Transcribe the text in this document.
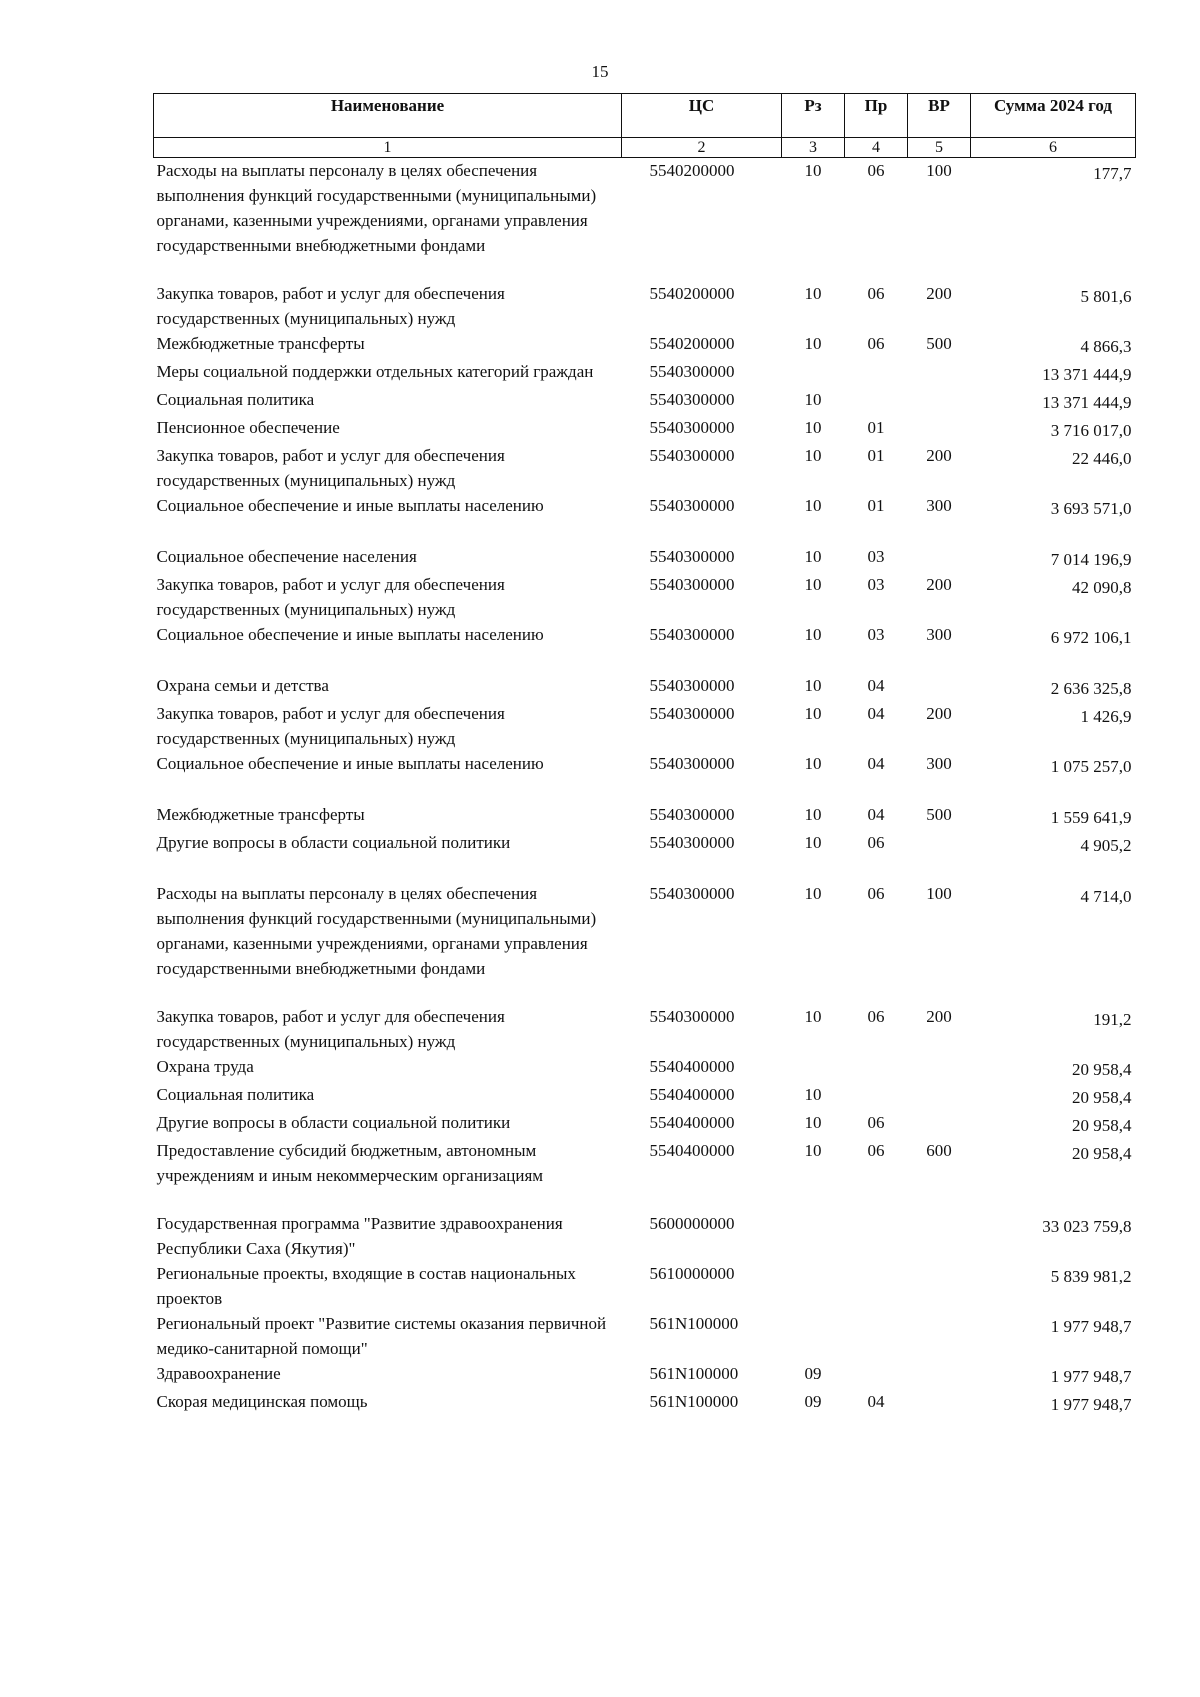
15
Наименование	ЦС	Рз	Пр	ВР	Сумма 2024 год
1	2	3	4	5	6
Расходы на выплаты персоналу в целях обеспечения выполнения функций государственными (муниципальными) органами, казенными учреждениями, органами управления государственными внебюджетными фондами	5540200000	10	06	100	177,7
Закупка товаров, работ и услуг для обеспечения государственных (муниципальных) нужд	5540200000	10	06	200	5 801,6
Межбюджетные трансферты	5540200000	10	06	500	4 866,3
Меры социальной поддержки отдельных категорий граждан	5540300000				13 371 444,9
Социальная политика	5540300000	10			13 371 444,9
Пенсионное обеспечение	5540300000	10	01		3 716 017,0
Закупка товаров, работ и услуг для обеспечения государственных (муниципальных) нужд	5540300000	10	01	200	22 446,0
Социальное обеспечение и иные выплаты населению	5540300000	10	01	300	3 693 571,0
Социальное обеспечение населения	5540300000	10	03		7 014 196,9
Закупка товаров, работ и услуг для обеспечения государственных (муниципальных) нужд	5540300000	10	03	200	42 090,8
Социальное обеспечение и иные выплаты населению	5540300000	10	03	300	6 972 106,1
Охрана семьи и детства	5540300000	10	04		2 636 325,8
Закупка товаров, работ и услуг для обеспечения государственных (муниципальных) нужд	5540300000	10	04	200	1 426,9
Социальное обеспечение и иные выплаты населению	5540300000	10	04	300	1 075 257,0
Межбюджетные трансферты	5540300000	10	04	500	1 559 641,9
Другие вопросы в области социальной политики	5540300000	10	06		4 905,2
Расходы на выплаты персоналу в целях обеспечения выполнения функций государственными (муниципальными) органами, казенными учреждениями, органами управления государственными внебюджетными фондами	5540300000	10	06	100	4 714,0
Закупка товаров, работ и услуг для обеспечения государственных (муниципальных) нужд	5540300000	10	06	200	191,2
Охрана труда	5540400000				20 958,4
Социальная политика	5540400000	10			20 958,4
Другие вопросы в области социальной политики	5540400000	10	06		20 958,4
Предоставление субсидий бюджетным, автономным учреждениям и иным некоммерческим организациям	5540400000	10	06	600	20 958,4
Государственная программа "Развитие здравоохранения Республики Саха (Якутия)"	5600000000				33 023 759,8
Региональные проекты, входящие в состав национальных проектов	5610000000				5 839 981,2
Региональный проект "Развитие системы оказания первичной медико-санитарной помощи"	561N100000				1 977 948,7
Здравоохранение	561N100000	09			1 977 948,7
Скорая медицинская помощь	561N100000	09	04		1 977 948,7
